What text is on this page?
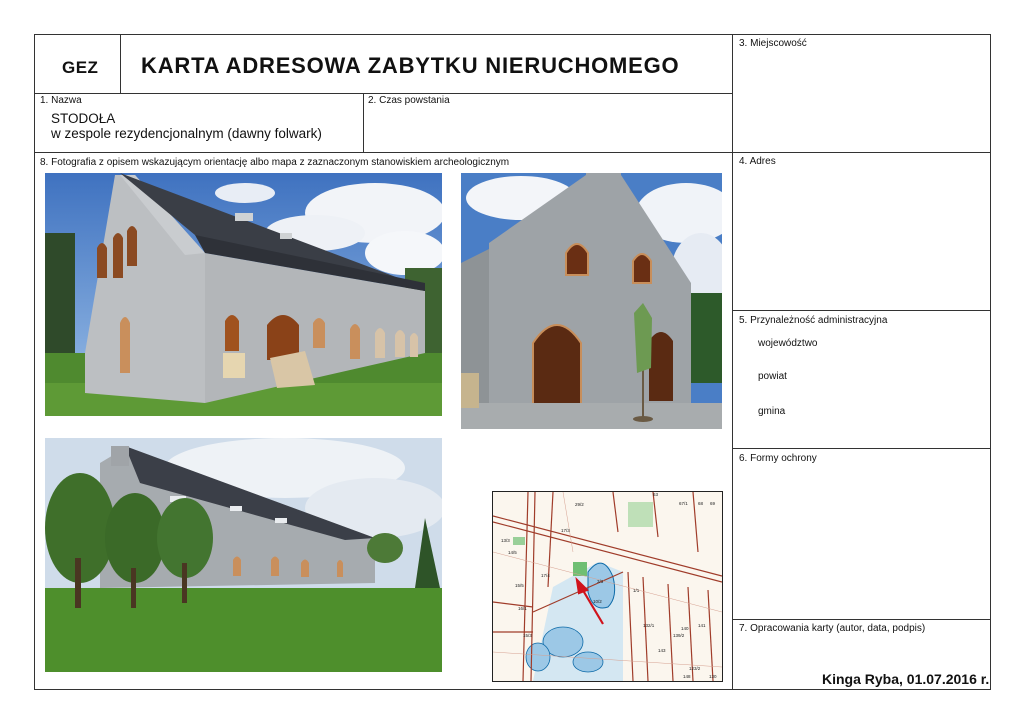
GEZ KARTA ADRESOWA ZABYTKU NIERUCHOMEGO
1. Nazwa
STODOŁA
w zespole rezydencjonalnym (dawny folwark)
2. Czas powstania
3. Miejscowość
4. Adres
5. Przynależność administracyjna
województwo
powiat
gmina
6. Formy ochrony
7. Opracowania karty (autor, data, podpis)
Kinga Ryba, 01.07.2016 r.
8. Fotografia z opisem wskazującym orientację albo mapa z zaznaczonym stanowiskiem archeologicznym
13/3
14/5
17/3
17/4
15/5
16/1
15/3
29/2
1/1
3/3
10/2
132/1	141
140
139/2
143
123/2
148	130
63
67/1 68 69
